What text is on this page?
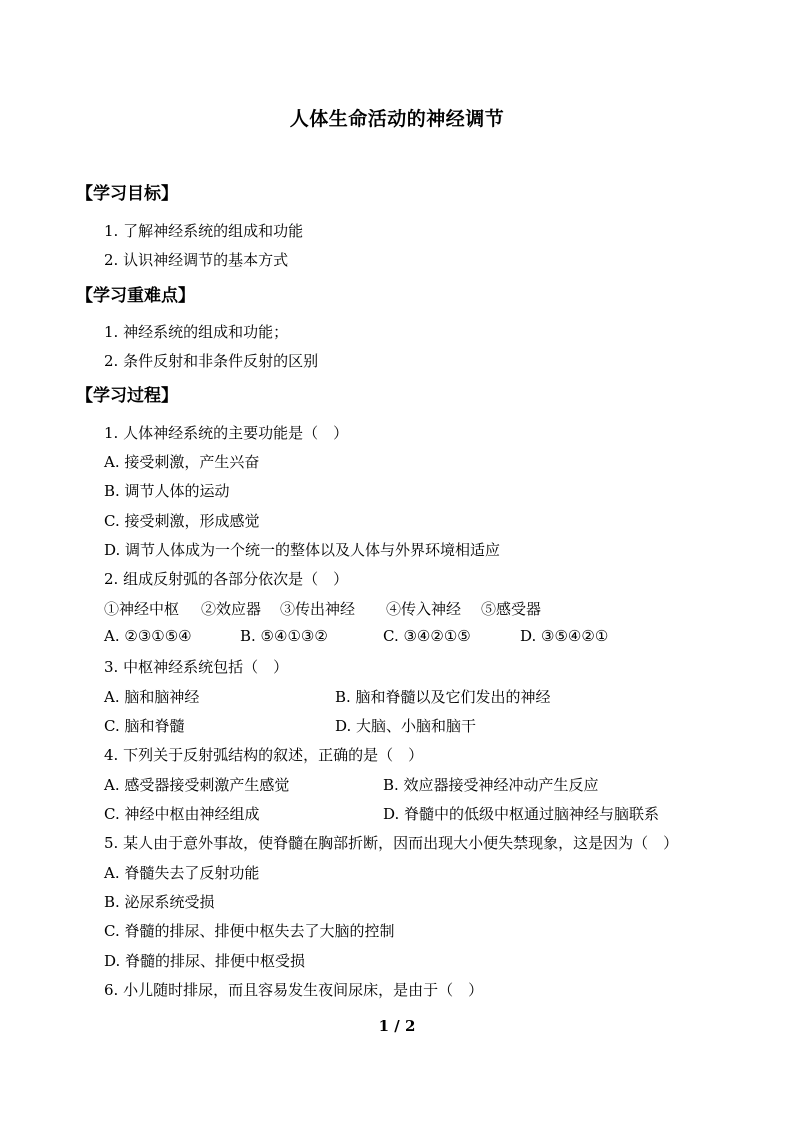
人体生命活动的神经调节
【学习目标】
1. 了解神经系统的组成和功能
2. 认识神经调节的基本方式
【学习重难点】
1. 神经系统的组成和功能；
2. 条件反射和非条件反射的区别
【学习过程】
1. 人体神经系统的主要功能是（　）
A. 接受刺激，产生兴奋
B. 调节人体的运动
C. 接受刺激，形成感觉
D. 调节人体成为一个统一的整体以及人体与外界环境相适应
2. 组成反射弧的各部分依次是（　）
①神经中枢 ②效应器 ③传出神经 ④传入神经 ⑤感受器
A. ②③①⑤④	B. ⑤④①③②	C. ③④②①⑤	D. ③⑤④②①
3. 中枢神经系统包括（　）
A. 脑和脑神经	B. 脑和脊髓以及它们发出的神经
C. 脑和脊髓	D. 大脑、小脑和脑干
4. 下列关于反射弧结构的叙述，正确的是（　）
A. 感受器接受刺激产生感觉	B. 效应器接受神经冲动产生反应
C. 神经中枢由神经组成	D. 脊髓中的低级中枢通过脑神经与脑联系
5. 某人由于意外事故，使脊髓在胸部折断，因而出现大小便失禁现象，这是因为（　）
A. 脊髓失去了反射功能
B. 泌尿系统受损
C. 脊髓的排尿、排便中枢失去了大脑的控制
D. 脊髓的排尿、排便中枢受损
6. 小儿随时排尿，而且容易发生夜间尿床，是由于（　）
1 / 2
